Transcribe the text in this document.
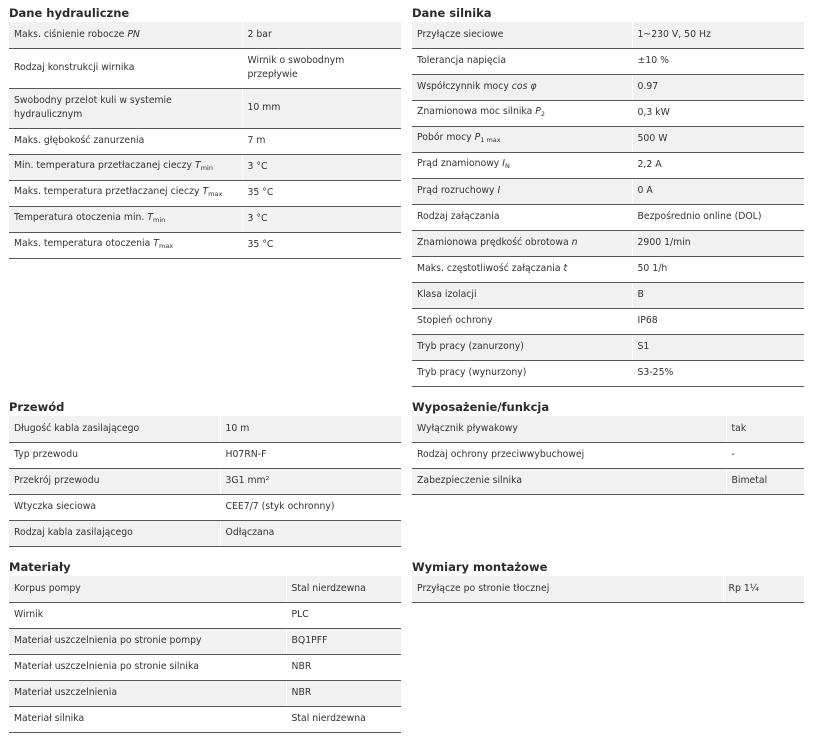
Dane hydrauliczne
Maks. ciśnienie robocze PN	2 bar
Rodzaj konstrukcji wirnika	Wirnik o swobodnym przepływie
Swobodny przelot kuli w systemie hydraulicznym	10 mm
Maks. głębokość zanurzenia	7 m
Min. temperatura przetłaczanej cieczy $T_{min}$	3 °C
Maks. temperatura przetłaczanej cieczy $T_{max}$	35 °C
Temperatura otoczenia min. $T_{min}$	3 °C
Maks. temperatura otoczenia $T_{max}$	35 °C
Dane silnika
Przyłącze sieciowe	1~230 V, 50 Hz
Tolerancja napięcia	±10 %
Współczynnik mocy cos φ	0.97
Znamionowa moc silnika $P_2$	0,3 kW
Pobór mocy $P_{1 max}$	500 W
Prąd znamionowy $I_N$	2,2 A
Prąd rozruchowy I	0 A
Rodzaj załączania	Bezpośrednio online (DOL)
Znamionowa prędkość obrotowa n	2900 1/min
Maks. częstotliwość załączania t	50 1/h
Klasa izolacji	B
Stopień ochrony	IP68
Tryb pracy (zanurzony)	S1
Tryb pracy (wynurzony)	S3-25%
Przewód
Długość kabla zasilającego	10 m
Typ przewodu	H07RN-F
Przekrój przewodu	3G1 mm²
Wtyczka sieciowa	CEE7/7 (styk ochronny)
Rodzaj kabla zasilającego	Odłączana
Wyposażenie/funkcja
Wyłącznik pływakowy	tak
Rodzaj ochrony przeciwwybuchowej	-
Zabezpieczenie silnika	Bimetal
Materiały
Korpus pompy	Stal nierdzewna
Wirnik	PLC
Materiał uszczelnienia po stronie pompy	BQ1PFF
Materiał uszczelnienia po stronie silnika	NBR
Materiał uszczelnienia	NBR
Materiał silnika	Stal nierdzewna
Wymiary montażowe
Przyłącze po stronie tłocznej	Rp 1¼
